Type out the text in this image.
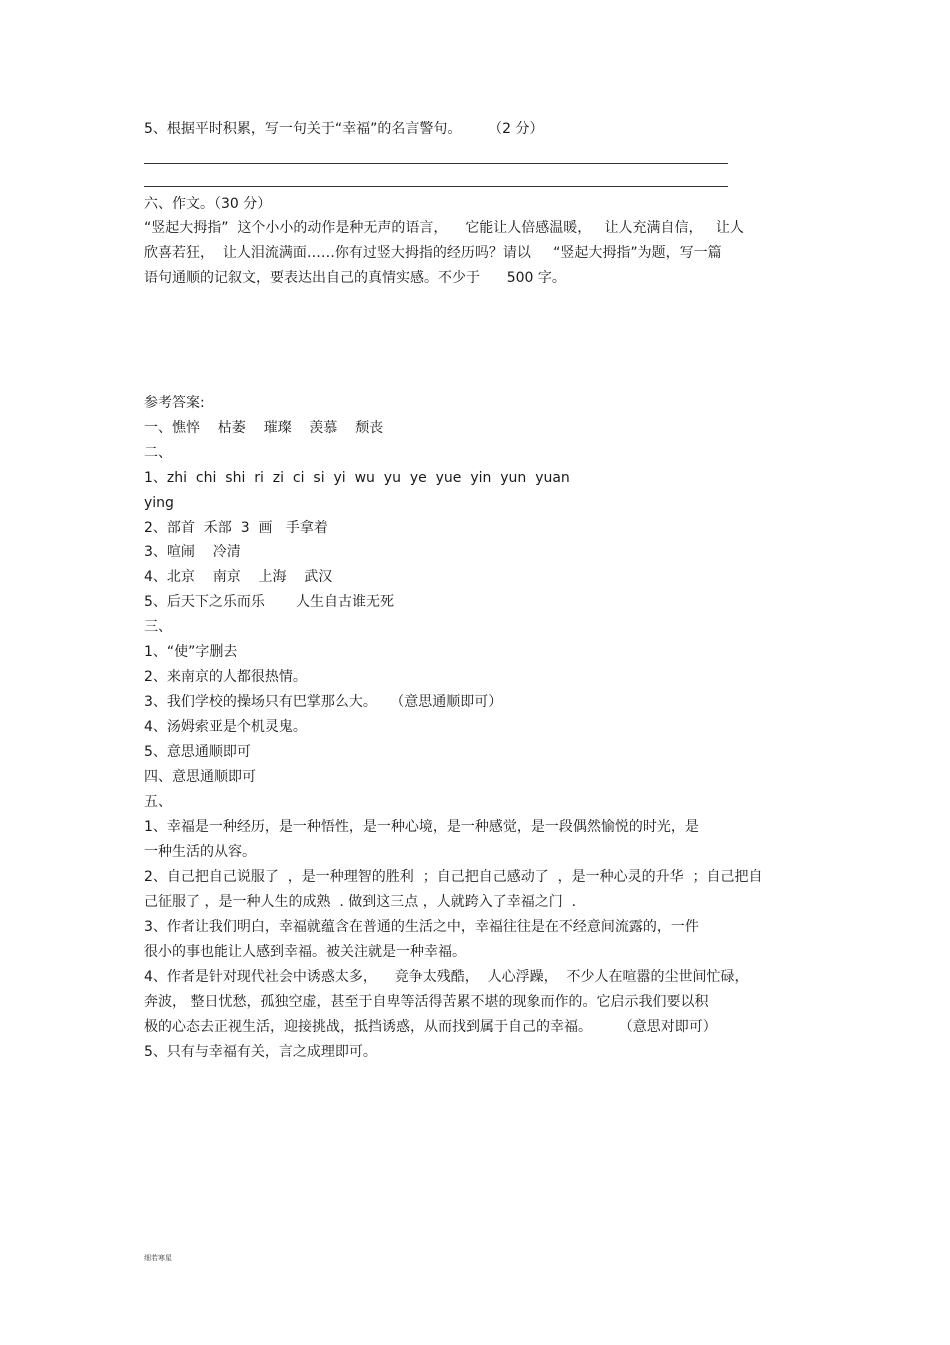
5、根据平时积累，写一句关于“幸福”的名言警句。      （2 分）

六、作文。（30 分）

“竖起大拇指”  这个小小的动作是种无声的语言，    它能让人倍感温暖，   让人充满自信，   让人

欣喜若狂，  让人泪流满面……你有过竖大拇指的经历吗？请以     “竖起大拇指”为题，写一篇

语句通顺的记叙文，要表达出自己的真情实感。不少于      500 字。

参考答案:

一、憔悴    枯萎    璀璨    羡慕    颓丧

二、

1、zhi  chi  shi  ri  zi  ci  si  yi  wu  yu  ye  yue  yin  yun  yuan

ying

2、部首  禾部  3  画   手拿着

3、喧闹    冷清

4、北京    南京    上海    武汉

5、后天下之乐而乐       人生自古谁无死

三、

1、“使”字删去

2、来南京的人都很热情。

3、我们学校的操场只有巴掌那么大。   （意思通顺即可）

4、汤姆索亚是个机灵鬼。

5、意思通顺即可

四、意思通顺即可

五、

1、幸福是一种经历，是一种悟性，是一种心境，是一种感觉，是一段偶然愉悦的时光，是

一种生活的从容。

2、自己把自己说服了  ，是一种理智的胜利  ；自己把自己感动了  ，是一种心灵的升华  ；自己把自

己征服了 ，是一种人生的成熟  . 做到这三点 ，人就跨入了幸福之门  .

3、作者让我们明白，幸福就蕴含在普通的生活之中，幸福往往是在不经意间流露的，一件

很小的事也能让人感到幸福。被关注就是一种幸福。

4、作者是针对现代社会中诱惑太多，    竞争太残酷，  人心浮躁，  不少人在喧嚣的尘世间忙碌，

奔波， 整日忧愁，孤独空虚，甚至于自卑等活得苦累不堪的现象而作的。它启示我们要以积

极的心态去正视生活，迎接挑战，抵挡诱惑，从而找到属于自己的幸福。      （意思对即可）

5、只有与幸福有关，言之成理即可。

细若寒星
